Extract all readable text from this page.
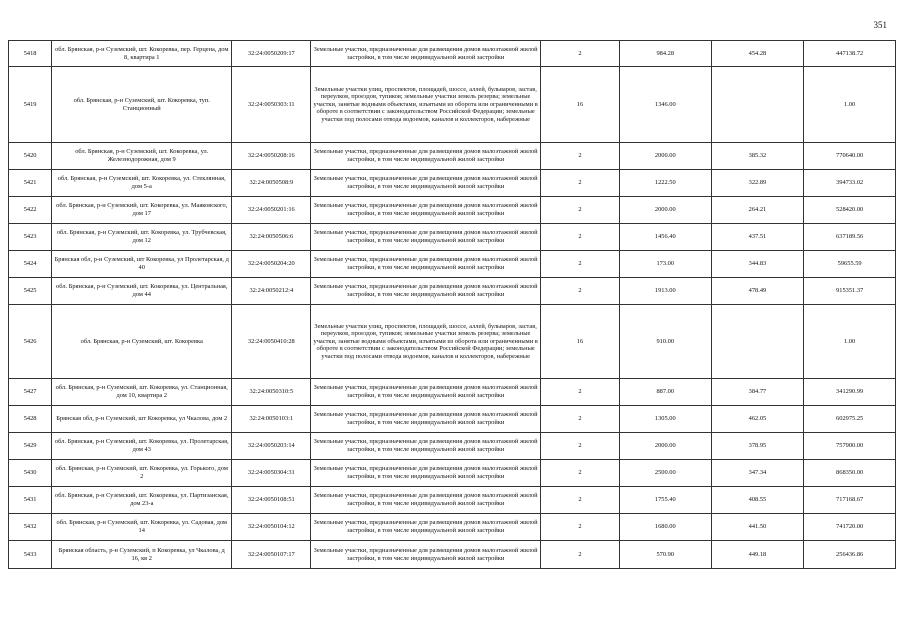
351
5418	обл. Брянская, р-н Суземский, шт. Кокоревка, пер. Герцена, дом 8, квартира 1	32:24:0050209:17	Земельные участки, предназначенные для размещения домов малоэтажной жилой застройки, в том числе индивидуальной жилой застройки	2	984.28	454.28	447138.72
5419	обл. Брянская, р-н Суземский, шт. Кокоревка, туп. Станционный	32:24:0050303:11	Земельные участки улиц, проспектов, площадей, шоссе, аллей, бульваров, застав, переулков, проездов, тупиков; земельные участки земель резерва; земельные участки, занятые водными объектами, изъятыми из оборота или ограниченными в обороте в соответствии с законодательством Российской Федерации; земельные участки под полосами отвода водоемов, каналов и коллекторов, набережные	16	1346.00		1.00
5420	обл. Брянская, р-н Суземский, шт. Кокоревка, ул. Железнодорожная, дом 9	32:24:0050208:16	Земельные участки, предназначенные для размещения домов малоэтажной жилой застройки, в том числе индивидуальной жилой застройки	2	2000.00	385.32	770640.00
5421	обл. Брянская, р-н Суземский, шт. Кокоревка, ул. Стеклянная, дом 5-а	32:24:0050508:9	Земельные участки, предназначенные для размещения домов малоэтажной жилой застройки, в том числе индивидуальной жилой застройки	2	1222.50	322.89	394733.02
5422	обл. Брянская, р-н Суземский, шт. Кокоревка, ул. Маяковского, дом 17	32:24:0050201:16	Земельные участки, предназначенные для размещения домов малоэтажной жилой застройки, в том числе индивидуальной жилой застройки	2	2000.00	264.21	528420.00
5423	обл. Брянская, р-н Суземский, шт. Кокоревка, ул. Трубчевская, дом 12	32:24:0050506:6	Земельные участки, предназначенные для размещения домов малоэтажной жилой застройки, в том числе индивидуальной жилой застройки	2	1456.40	437.51	637189.56
5424	Брянская обл, р-н Суземский, шт Кокоревка, ул Пролетарская, д 40	32:24:0050204:20	Земельные участки, предназначенные для размещения домов малоэтажной жилой застройки, в том числе индивидуальной жилой застройки	2	173.00	344.83	59655.59
5425	обл. Брянская, р-н Суземский, шт. Кокоревка, ул. Центральная, дом 44	32:24:0050212:4	Земельные участки, предназначенные для размещения домов малоэтажной жилой застройки, в том числе индивидуальной жилой застройки	2	1913.00	478.49	915351.37
5426	обл. Брянская, р-н Суземский, шт. Кокоревка	32:24:0050410:28	Земельные участки улиц, проспектов, площадей, шоссе, аллей, бульваров, застав, переулков, проездов, тупиков; земельные участки земель резерва; земельные участки, занятые водными объектами, изъятыми из оборота или ограниченными в обороте в соответствии с законодательством Российской Федерации; земельные участки под полосами отвода водоемов, каналов и коллекторов, набережные	16	910.00		1.00
5427	обл. Брянская, р-н Суземский, шт. Кокоревка, ул. Станционная, дом 10, квартира 2	32:24:0050310:5	Земельные участки, предназначенные для размещения домов малоэтажной жилой застройки, в том числе индивидуальной жилой застройки	2	887.00	384.77	341290.99
5428	Брянская обл, р-н Суземский, шт Кокоревка, ул Чкалова, дом 2	32:24:0050103:1	Земельные участки, предназначенные для размещения домов малоэтажной жилой застройки, в том числе индивидуальной жилой застройки	2	1305.00	462.05	602975.25
5429	обл. Брянская, р-н Суземский, шт. Кокоревка, ул. Пролетарская, дом 43	32:24:0050203:14	Земельные участки, предназначенные для размещения домов малоэтажной жилой застройки, в том числе индивидуальной жилой застройки	2	2000.00	378.95	757900.00
5430	обл. Брянская, р-н Суземский, шт. Кокоревка, ул. Горького, дом 2	32:24:0050304:31	Земельные участки, предназначенные для размещения домов малоэтажной жилой застройки, в том числе индивидуальной жилой застройки	2	2500.00	347.34	868350.00
5431	обл. Брянская, р-н Суземский, шт. Кокоревка, ул. Партизанская, дом 23-а	32:24:0050108:51	Земельные участки, предназначенные для размещения домов малоэтажной жилой застройки, в том числе индивидуальной жилой застройки	2	1755.40	408.55	717168.67
5432	обл. Брянская, р-н Суземский, шт. Кокоревка, ул. Садовая, дом 14	32:24:0050104:12	Земельные участки, предназначенные для размещения домов малоэтажной жилой застройки, в том числе индивидуальной жилой застройки	2	1680.00	441.50	741720.00
5433	Брянская область, р-н Суземский, п Кокоревка, ул Чкалова, д 16, кв 2	32:24:0050107:17	Земельные участки, предназначенные для размещения домов малоэтажной жилой застройки, в том числе индивидуальной жилой застройки	2	570.90	449.18	256436.86
